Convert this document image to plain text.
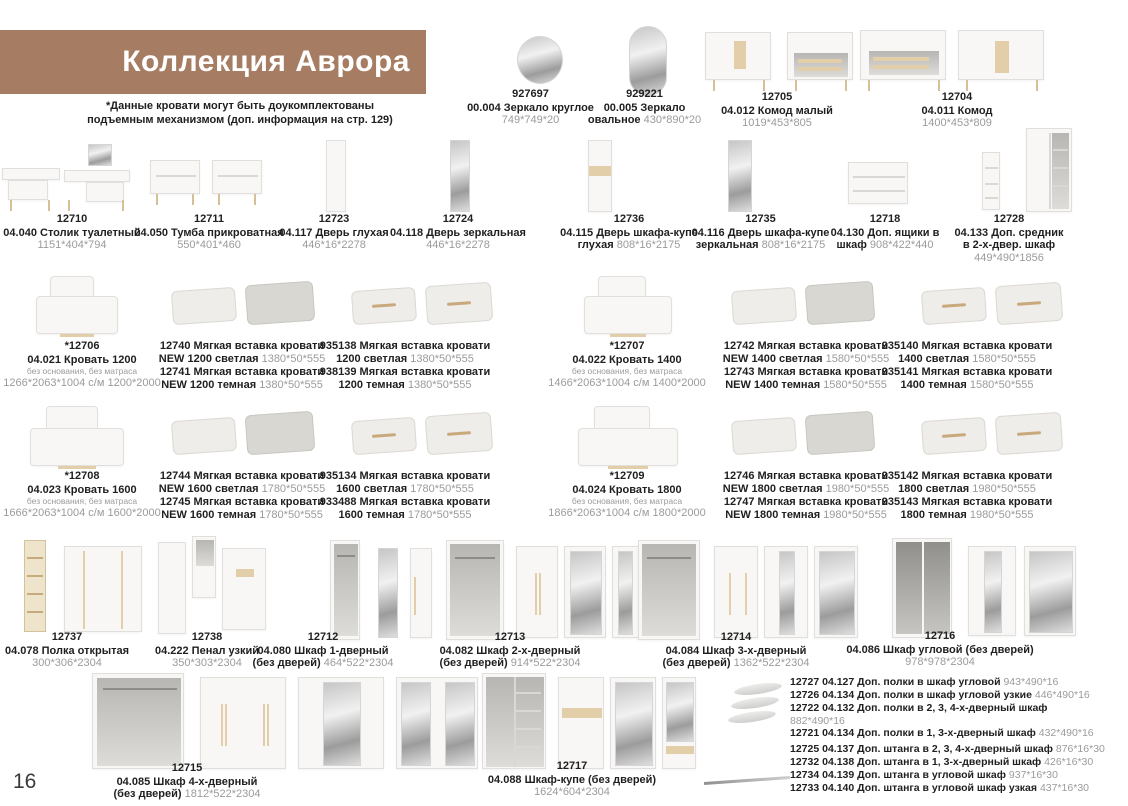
Коллекция Аврора
*Данные кровати могут быть доукомплектованы
подъемным механизмом (доп. информация на стр. 129)
927697
00.004 Зеркало круглое 749*749*20
929221
00.005 Зеркало овальное 430*890*20
12705
04.012 Комод малый
1019*453*805
12704
04.011 Комод
1400*453*809
12710
04.040 Столик туалетный
1151*404*794
12711
04.050 Тумба прикроватная
550*401*460
12723
04.117 Дверь глухая
446*16*2278
12724
04.118 Дверь зеркальная
446*16*2278
12736
04.115 Дверь шкафа-купе глухая 808*16*2175
12735
04.116 Дверь шкафа-купе зеркальная 808*16*2175
12718
04.130 Доп. ящики в шкаф 908*422*440
12728
04.133 Доп. средник
в 2-х-двер. шкаф
449*490*1856
*12706
04.021 Кровать 1200
без основания, без матраса
1266*2063*1004 с/м 1200*2000
12740 Мягкая вставка кровати
NEW 1200 светлая 1380*50*555
12741 Мягкая вставка кровати
NEW 1200 темная 1380*50*555
935138 Мягкая вставка кровати
1200 светлая 1380*50*555
938139 Мягкая вставка кровати
1200 темная 1380*50*555
*12707
04.022 Кровать 1400
без основания, без матраса
1466*2063*1004 с/м 1400*2000
12742 Мягкая вставка кровати
NEW 1400 светлая 1580*50*555
12743 Мягкая вставка кровати
NEW 1400 темная 1580*50*555
935140 Мягкая вставка кровати
1400 светлая 1580*50*555
935141 Мягкая вставка кровати
1400 темная 1580*50*555
*12708
04.023 Кровать 1600
без основания, без матраса
1666*2063*1004 с/м 1600*2000
12744 Мягкая вставка кровати
NEW 1600 светлая 1780*50*555
12745 Мягкая вставка кровати
NEW 1600 темная 1780*50*555
935134 Мягкая вставка кровати
1600 светлая 1780*50*555
933488 Мягкая вставка кровати
1600 темная 1780*50*555
*12709
04.024 Кровать 1800
без основания, без матраса
1866*2063*1004 с/м 1800*2000
12746 Мягкая вставка кровати
NEW 1800 светлая 1980*50*555
12747 Мягкая вставка кровати
NEW 1800 темная 1980*50*555
935142 Мягкая вставка кровати
1800 светлая 1980*50*555
935143 Мягкая вставка кровати
1800 темная 1980*50*555
12737
04.078 Полка открытая
300*306*2304
12738
04.222 Пенал узкий
350*303*2304
12712
04.080 Шкаф 1-дверный
(без дверей) 464*522*2304
12713
04.082 Шкаф 2-х-дверный
(без дверей) 914*522*2304
12714
04.084 Шкаф 3-х-дверный
(без дверей) 1362*522*2304
12716
04.086 Шкаф угловой (без дверей)
978*978*2304
12715
04.085 Шкаф 4-х-дверный
(без дверей) 1812*522*2304
12717
04.088 Шкаф-купе (без дверей)
1624*604*2304
12727 04.127 Доп. полки в шкаф угловой 943*490*16
12726 04.134 Доп. полки в шкаф угловой узкие 446*490*16
12722 04.132 Доп. полки в 2, 3, 4-х-дверный шкаф
882*490*16
12721 04.134 Доп. полки в 1, 3-х-дверный шкаф 432*490*16
12725 04.137 Доп. штанга в 2, 3, 4-х-дверный шкаф 876*16*30
12732 04.138 Доп. штанга в 1, 3-х-дверный шкаф 426*16*30
12734 04.139 Доп. штанга в угловой шкаф 937*16*30
12733 04.140 Доп. штанга в угловой шкаф узкая 437*16*30
16
